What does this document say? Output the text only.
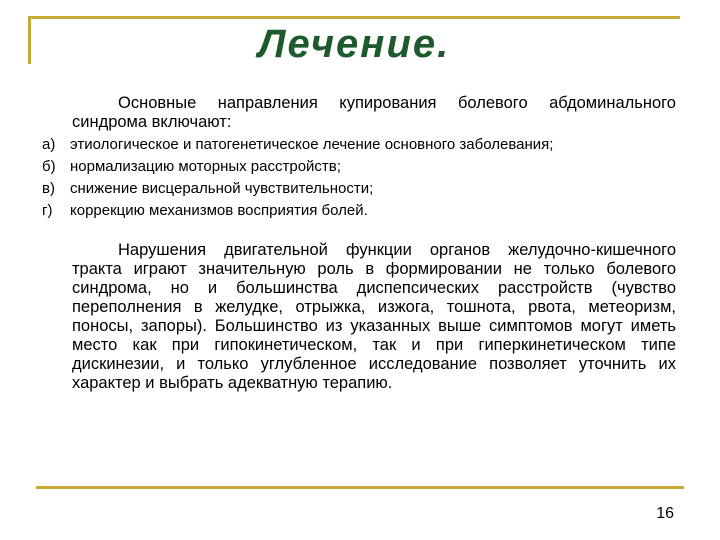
Лечение.

Основные направления купирования болевого абдоминального синдрома включают:

а) этиологическое и патогенетическое лечение основного заболевания;
б) нормализацию моторных расстройств;
в) снижение висцеральной чувствительности;
г) коррекцию механизмов восприятия болей.

Нарушения двигательной функции органов желудочно-кишечного тракта играют значительную роль в формировании не только болевого синдрома, но и большинства диспепсических расстройств (чувство переполнения в желудке, отрыжка, изжога, тошнота, рвота, метеоризм, поносы, запоры). Большинство из указанных выше симптомов могут иметь место как при гипокинетическом, так и при гиперкинетическом типе дискинезии, и только углубленное исследование позволяет уточнить их характер и выбрать адекватную терапию.

16
